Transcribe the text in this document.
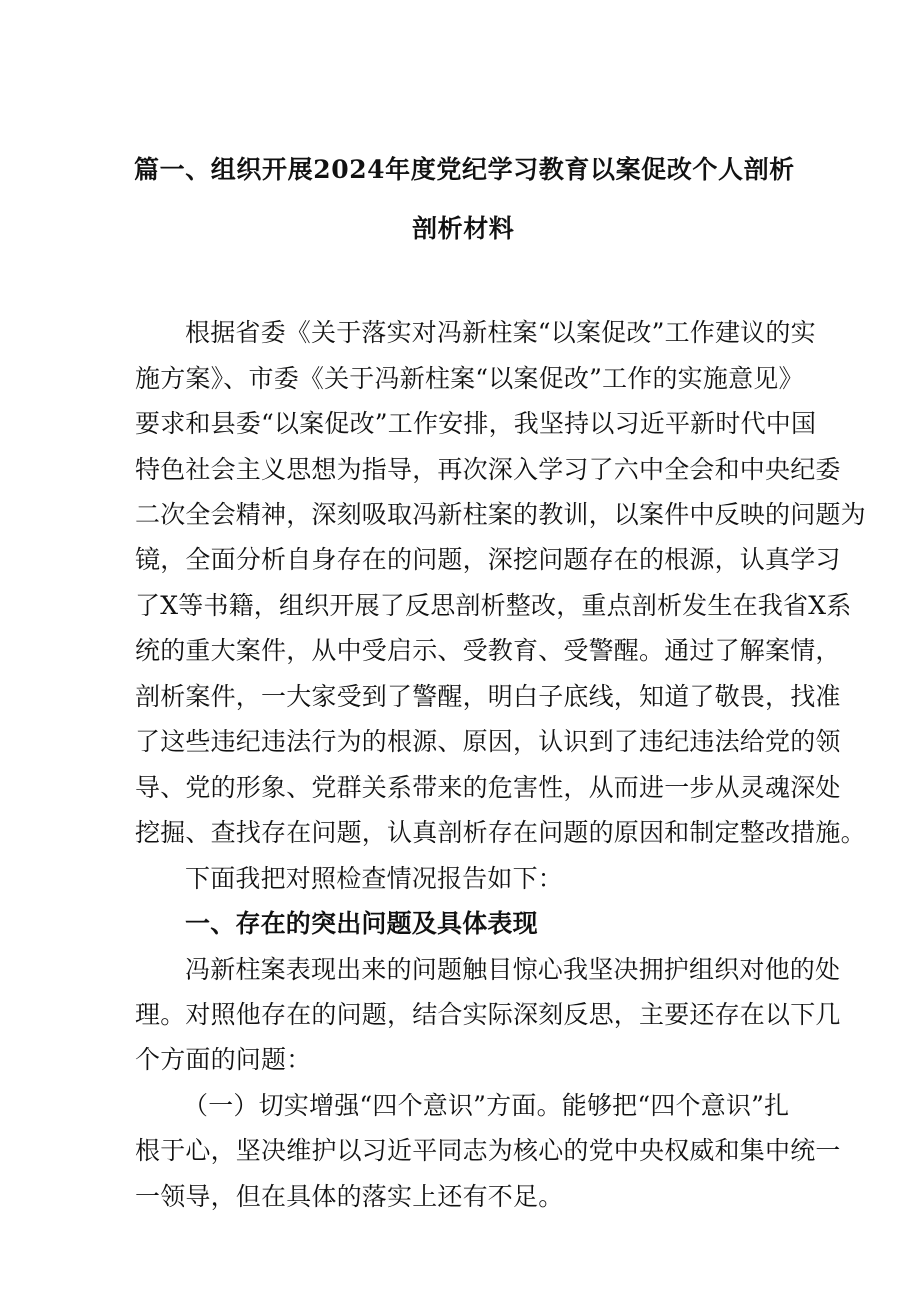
篇一、组织开展2024年度党纪学习教育以案促改个人剖析
剖析材料
根据省委《关于落实对冯新柱案“以案促改”工作建议的实
施方案》、市委《关于冯新柱案“以案促改”工作的实施意见》
要求和县委“以案促改”工作安排，我坚持以习近平新时代中国
特色社会主义思想为指导，再次深入学习了六中全会和中央纪委
二次全会精神，深刻吸取冯新柱案的教训，以案件中反映的问题为
镜，全面分析自身存在的问题，深挖问题存在的根源，认真学习
了X等书籍，组织开展了反思剖析整改，重点剖析发生在我省X系
统的重大案件，从中受启示、受教育、受警醒。通过了解案情，
剖析案件，一大家受到了警醒，明白子底线，知道了敬畏，找准
了这些违纪违法行为的根源、原因，认识到了违纪违法给党的领
导、党的形象、党群关系带来的危害性，从而进一步从灵魂深处
挖掘、查找存在问题，认真剖析存在问题的原因和制定整改措施。
下面我把对照检查情况报告如下：
一、存在的突出问题及具体表现
冯新柱案表现出来的问题触目惊心我坚决拥护组织对他的处
理。对照他存在的问题，结合实际深刻反思，主要还存在以下几
个方面的问题：
（一）切实增强“四个意识”方面。能够把“四个意识”扎
根于心，坚决维护以习近平同志为核心的党中央权威和集中统一
一领导，但在具体的落实上还有不足。
